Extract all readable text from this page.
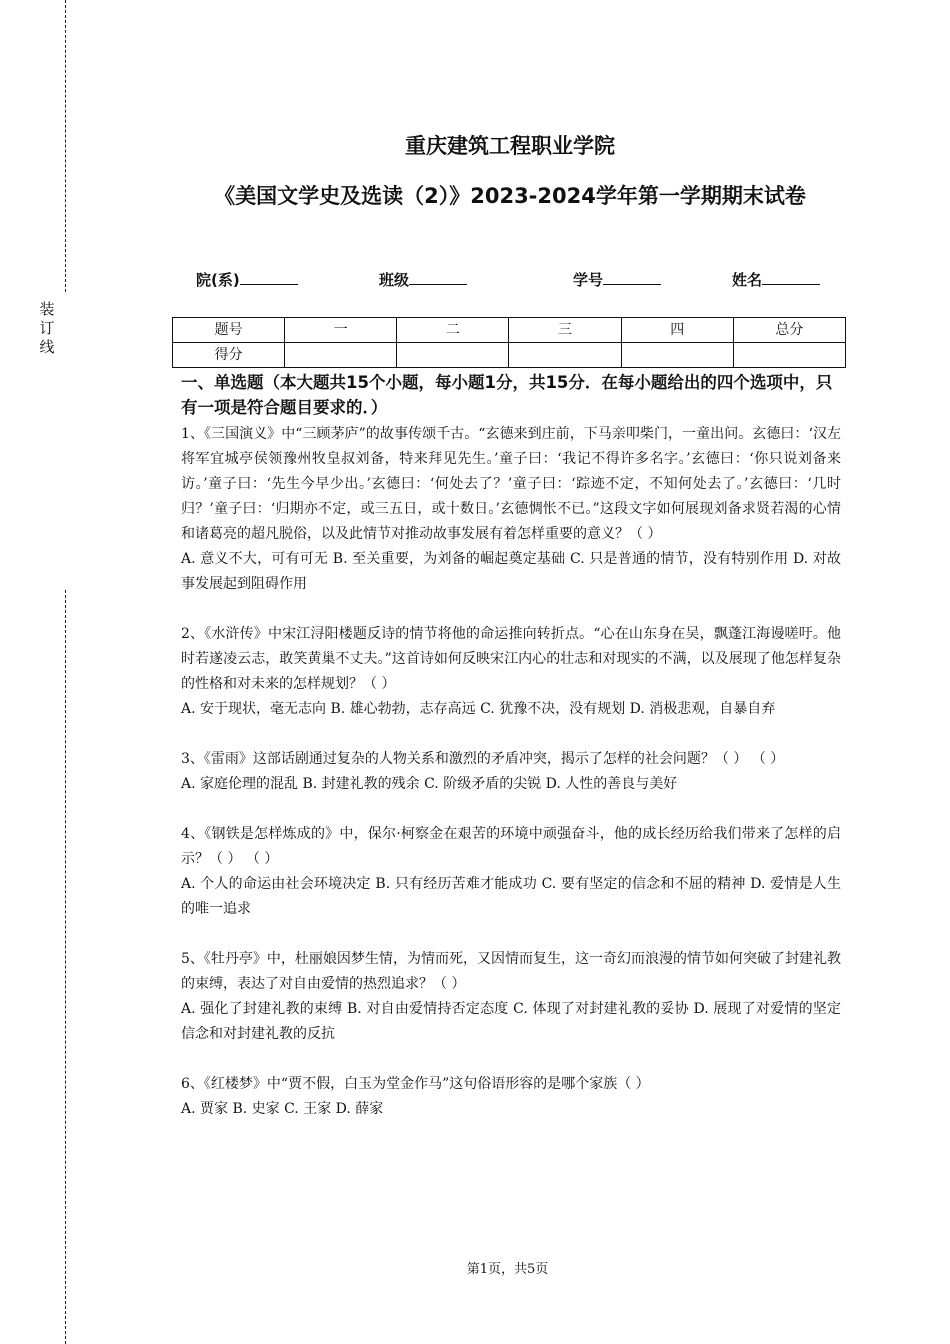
装订线
重庆建筑工程职业学院
《美国文学史及选读（2）》2023-2024学年第一学期期末试卷
院(系)	班级	学号	姓名
题号	一	二	三	四	总分
得分					

一、单选题（本大题共15个小题，每小题1分，共15分．在每小题给出的四个选项中，只有一项是符合题目要求的．）

1、《三国演义》中“三顾茅庐”的故事传颂千古。“玄德来到庄前，下马亲叩柴门，一童出问。玄德曰：‘汉左将军宜城亭侯领豫州牧皇叔刘备，特来拜见先生。’童子曰：‘我记不得许多名字。’玄德曰：‘你只说刘备来访。’童子曰：‘先生今早少出。’玄德曰：‘何处去了？’童子曰：‘踪迹不定，不知何处去了。’玄德曰：‘几时归？’童子曰：‘归期亦不定，或三五日，或十数日。’玄德惆怅不已。”这段文字如何展现刘备求贤若渴的心情和诸葛亮的超凡脱俗，以及此情节对推动故事发展有着怎样重要的意义？（ ）

A. 意义不大，可有可无 B. 至关重要，为刘备的崛起奠定基础 C. 只是普通的情节，没有特别作用 D. 对故事发展起到阻碍作用

2、《水浒传》中宋江浔阳楼题反诗的情节将他的命运推向转折点。“心在山东身在吴，飘蓬江海谩嗟吁。他时若遂凌云志，敢笑黄巢不丈夫。”这首诗如何反映宋江内心的壮志和对现实的不满，以及展现了他怎样复杂的性格和对未来的怎样规划？（ ）

A. 安于现状，毫无志向 B. 雄心勃勃，志存高远 C. 犹豫不决，没有规划 D. 消极悲观，自暴自弃

3、《雷雨》这部话剧通过复杂的人物关系和激烈的矛盾冲突，揭示了怎样的社会问题？（ ） （ ）

A. 家庭伦理的混乱 B. 封建礼教的残余 C. 阶级矛盾的尖锐 D. 人性的善良与美好

4、《钢铁是怎样炼成的》中，保尔·柯察金在艰苦的环境中顽强奋斗，他的成长经历给我们带来了怎样的启示？（ ） （ ）

A. 个人的命运由社会环境决定 B. 只有经历苦难才能成功 C. 要有坚定的信念和不屈的精神 D. 爱情是人生的唯一追求

5、《牡丹亭》中，杜丽娘因梦生情，为情而死，又因情而复生，这一奇幻而浪漫的情节如何突破了封建礼教的束缚，表达了对自由爱情的热烈追求？（ ）

A. 强化了封建礼教的束缚 B. 对自由爱情持否定态度 C. 体现了对封建礼教的妥协 D. 展现了对爱情的坚定信念和对封建礼教的反抗

6、《红楼梦》中“贾不假，白玉为堂金作马”这句俗语形容的是哪个家族（ ）

A. 贾家 B. 史家 C. 王家 D. 薛家

第1页，共5页
